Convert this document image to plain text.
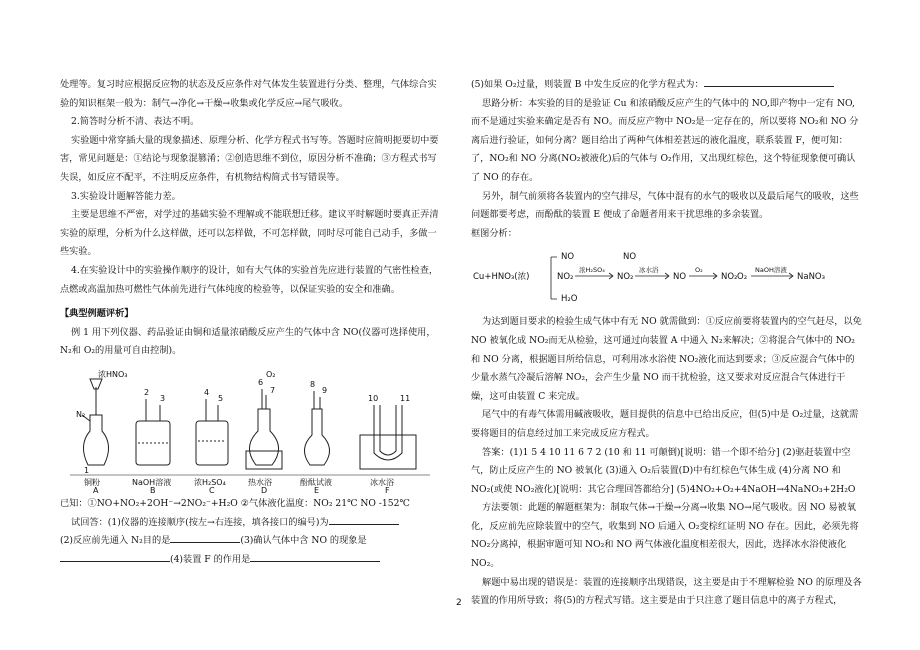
处理等。复习时应根据反应物的状态及反应条件对气体发生装置进行分类、整理，气体综合实验的知识框架一般为：制气→净化→干燥→收集或化学反应→尾气吸收。

2.简答时分析不清、表达不明。

实验题中常穿插大量的现象描述、原理分析、化学方程式书写等。答题时应简明扼要切中要害，常见问题是：①结论与现象混篡淆；②创造思维不到位，原因分析不准确；③方程式书写失误，如反应不配平，不注明反应条件，有机物结构简式书写错误等。

3.实验设计题解答能力差。

主要是思维不严密，对学过的基础实验不理解或不能联想迁移。建议平时解题时要真正弄清实验的原理，分析为什么这样做，还可以怎样做，不可怎样做，同时尽可能自己动手，多做一些实验。

4.在实验设计中的实验操作顺序的设计，如有大气体的实验首先应进行装置的气密性检查，点燃或高温加热可燃性气体前先进行气体纯度的检验等，以保证实验的安全和准确。

【典型例题评析】

例 1 用下列仪器、药品验证由铜和适量浓硝酸反应产生的气体中含 NO(仪器可选择使用，N₂和 O₂的用量可自由控制)。

N₂
浓HNO₃
2
3
4
5
6
7
8
9
10	11
1
O₂
铜粉	NaOH溶液	浓H₂SO₄	热水浴	酚酞试液	冰水浴
A	B	C	D	E	F

已知：①NO+NO₂+2OH⁻→2NO₂⁻+H₂O ②气体液化温度：NO₂ 21℃ NO -152℃

试回答：(1)仪器的连接顺序(按左→右连接，填各接口的编号)为

(2)反应前先通入 N₂目的是	(3)确认气体中含 NO 的现象是

(4)装置 F 的作用是

(5)如果 O₂过量，则装置 B 中发生反应的化学方程式为：

思路分析：本实验的目的是验证 Cu 和浓硝酸反应产生的气体中的 NO,即产物中一定有 NO,而不是通过实验来确定是否有 NO。而反应产物中 NO₂是一定存在的，所以要将 NO₂和 NO 分离后进行验证，如何分离？题目给出了两种气体相差甚远的液化温度，联系装置 F，便可知：了，NO₂和 NO 分离(NO₂被液化)后的气体与 O₂作用，又出现红棕色，这个特征现象便可确认了 NO 的存在。

另外，制气前须将各装置内的空气排尽，气体中混有的水气的吸收以及最后尾气的吸收，这些问题都要考虑，而酚酞的装置 E 便成了命题者用来干扰思维的多余装置。

框图分析：

Cu+HNO₃(浓)
NO
NO₂
H₂O
浓H₂SO₄
NO
NO₂
冰水浴
NO
O₂
NO₂ O₂
NaOH溶液
NaNO₃

为达到题目要求的检验生成气体中有无 NO 就需做到：①反应前要将装置内的空气赶尽，以免 NO 被氧化成 NO₂而无从检验，这可通过向装置 A 中通入 N₂来解决；②将混合气体中的 NO₂和 NO 分离，根据题目所给信息，可利用冰水浴使 NO₂液化而达到要求；③反应混合气体中的少量水蒸气冷凝后溶解 NO₂，会产生少量 NO 而干扰检验，这又要求对反应混合气体进行干燥，这可由装置 C 来完成。

尾气中的有毒气体需用碱液吸收，题目提供的信息中已给出反应，但(5)中是 O₂过量，这就需要将题目的信息经过加工来完成反应方程式。

答案：(1)1 5 4 10 11 6 7 2 (10 和 11 可颠倒)[说明：错一个即不给分] (2)驱赶装置中空气，防止反应产生的 NO 被氧化 (3)通入 O₂后装置(D)中有红棕色气体生成 (4)分离 NO 和 NO₂(或使 NO₂液化)[说明：其它合理回答都给分] (5)4NO₂+O₂+4NaOH→4NaNO₃+2H₂O

方法要领：此题的解题框架为：制取气体→干燥→分离→收集 NO→尾气吸收。因 NO 易被氧化，反应前先应除装置中的空气，收集到 NO 后通入 O₂变棕红证明 NO 存在。因此，必须先将 NO₂分离掉，根据审题可知 NO₂和 NO 两气体液化温度相差很大，因此，选择冰水浴使液化 NO₂。

解题中易出现的错误是：装置的连接顺序出现错误，这主要是由于不理解检验 NO 的原理及各装置的作用所导致；将(5)的方程式写错。这主要是由于只注意了题目信息中的离子方程式，

2
